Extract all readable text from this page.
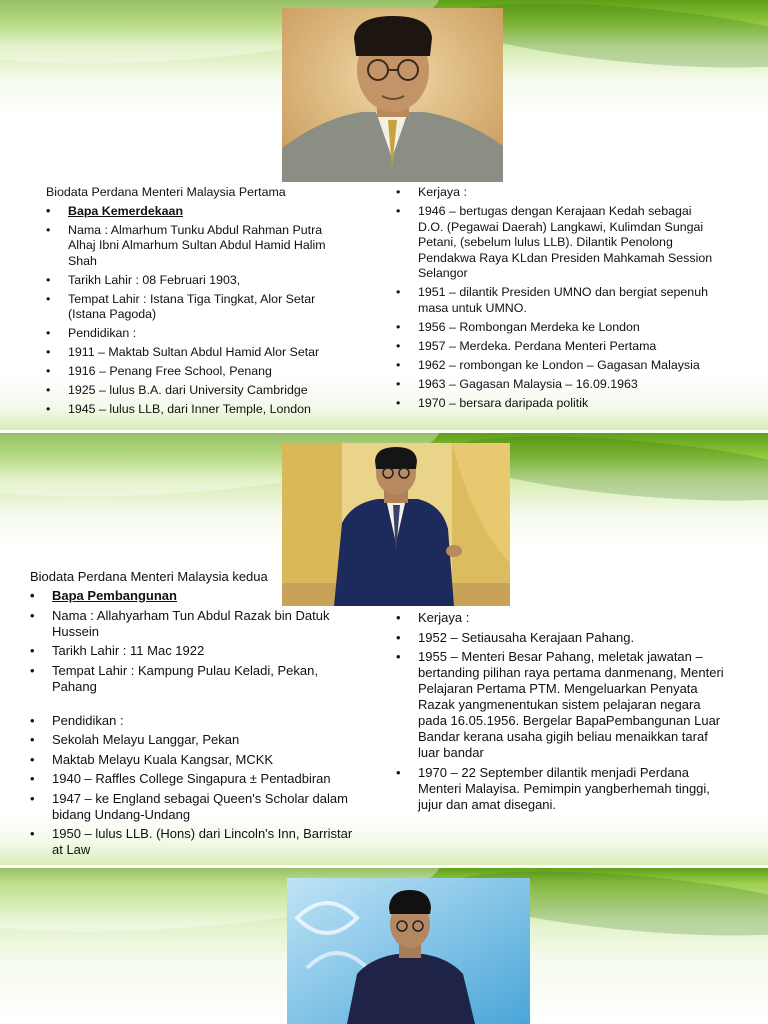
Biodata Perdana Menteri Malaysia Pertama
• Bapa Kemerdekaan
• Nama : Almarhum Tunku Abdul Rahman Putra Alhaj Ibni Almarhum Sultan Abdul Hamid Halim Shah
• Tarikh Lahir : 08 Februari 1903,
• Tempat Lahir : Istana Tiga Tingkat, Alor Setar (Istana Pagoda)
• Pendidikan :
• 1911 – Maktab Sultan Abdul Hamid Alor Setar
• 1916 – Penang Free School, Penang
• 1925 – lulus B.A. dari University Cambridge
• 1945 – lulus LLB, dari Inner Temple, London
• Kerjaya :
• 1946 – bertugas dengan Kerajaan Kedah sebagai D.O. (Pegawai Daerah) Langkawi, Kulimdan Sungai Petani, (sebelum lulus LLB). Dilantik Penolong Pendakwa Raya KLdan Presiden Mahkamah Session Selangor
• 1951 – dilantik Presiden UMNO dan bergiat sepenuh masa untuk UMNO.
• 1956 – Rombongan Merdeka ke London
• 1957 – Merdeka. Perdana Menteri Pertama
• 1962 – rombongan ke London – Gagasan Malaysia
• 1963 – Gagasan Malaysia – 16.09.1963
• 1970 – bersara daripada politik
Biodata Perdana Menteri Malaysia kedua
• Bapa Pembangunan
• Nama : Allahyarham Tun Abdul Razak bin Datuk Hussein
• Tarikh Lahir : 11 Mac 1922
• Tempat Lahir : Kampung Pulau Keladi, Pekan, Pahang
• Pendidikan :
• Sekolah Melayu Langgar, Pekan
• Maktab Melayu Kuala Kangsar, MCKK
• 1940 – Raffles College Singapura ± Pentadbiran
• 1947 – ke England sebagai Queen's Scholar dalam bidang Undang-Undang
• 1950 – lulus LLB. (Hons) dari Lincoln's Inn, Barristar at Law
• Kerjaya :
• 1952 – Setiausaha Kerajaan Pahang.
• 1955 – Menteri Besar Pahang, meletak jawatan – bertanding pilihan raya pertama danmenang, Menteri Pelajaran Pertama PTM. Mengeluarkan Penyata Razak yangmenentukan sistem pelajaran negara pada 16.05.1956. Bergelar BapaPembangunan Luar Bandar kerana usaha gigih beliau menaikkan taraf luar bandar
• 1970 – 22 September dilantik menjadi Perdana Menteri Malayisa. Pemimpin yangberhemah tinggi, jujur dan amat disegani.
